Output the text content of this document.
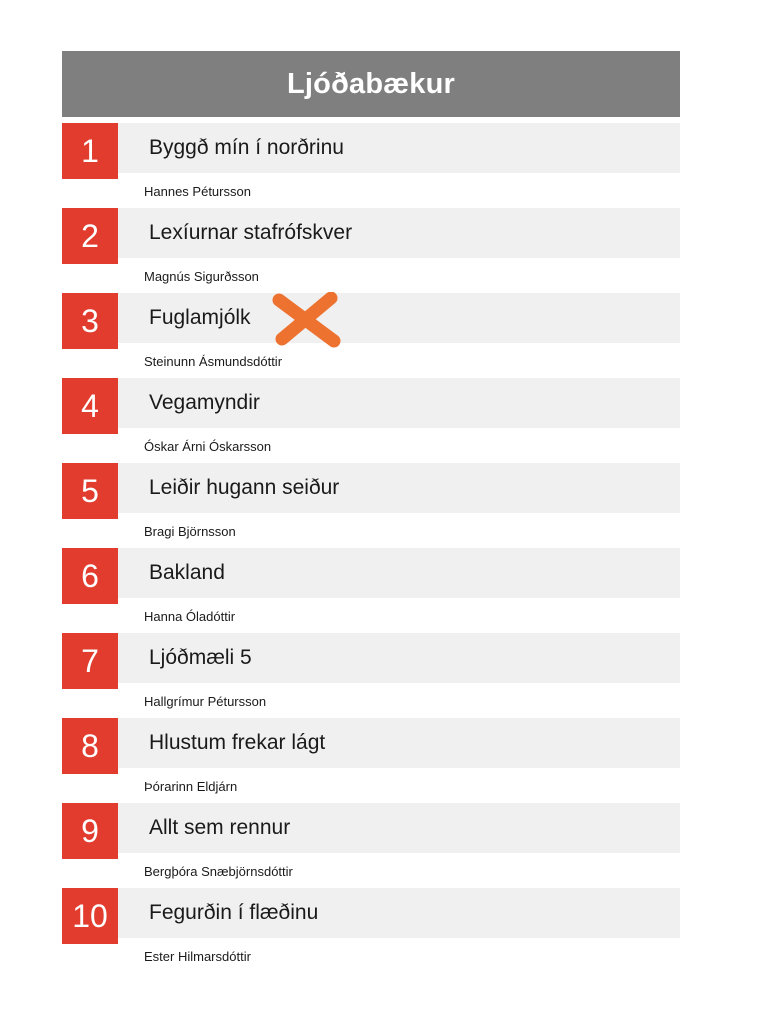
Ljóðabækur
1	Byggð mín í norðrinu
Hannes Pétursson
2	Lexíurnar stafrófskver
Magnús Sigurðsson
3	Fuglamjólk
Steinunn Ásmundsdóttir
4	Vegamyndir
Óskar Árni Óskarsson
5	Leiðir hugann seiður
Bragi Björnsson
6	Bakland
Hanna Óladóttir
7	Ljóðmæli 5
Hallgrímur Pétursson
8	Hlustum frekar lágt
Þórarinn Eldjárn
9	Allt sem rennur
Bergþóra Snæbjörnsdóttir
10	Fegurðin í flæðinu
Ester Hilmarsdóttir
